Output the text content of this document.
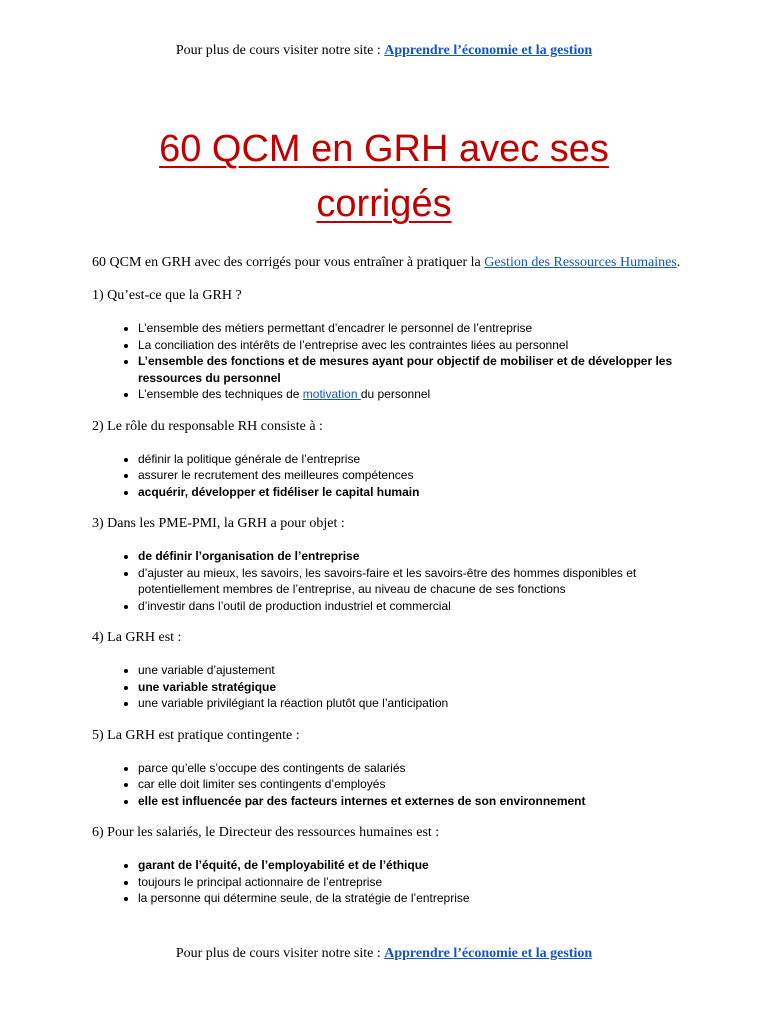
Pour plus de cours visiter notre site : Apprendre l’économie et la gestion
60 QCM en GRH avec ses
corrigés

60 QCM en GRH avec des corrigés pour vous entraîner à pratiquer la Gestion des Ressources Humaines.

1) Qu’est-ce que la GRH ?

• L’ensemble des métiers permettant d’encadrer le personnel de l’entreprise
• La conciliation des intérêts de l’entreprise avec les contraintes liées au personnel
• L’ensemble des fonctions et de mesures ayant pour objectif de mobiliser et de développer les ressources du personnel
• L’ensemble des techniques de motivation du personnel

2) Le rôle du responsable RH consiste à :

• définir la politique générale de l’entreprise
• assurer le recrutement des meilleures compétences
• acquérir, développer et fidéliser le capital humain

3) Dans les PME-PMI, la GRH a pour objet :

• de définir l’organisation de l’entreprise
• d’ajuster au mieux, les savoirs, les savoirs-faire et les savoirs-être des hommes disponibles et potentiellement membres de l’entreprise, au niveau de chacune de ses fonctions
• d’investir dans l’outil de production industriel et commercial

4) La GRH est :

• une variable d’ajustement
• une variable stratégique
• une variable privilégiant la réaction plutôt que l’anticipation

5) La GRH est pratique contingente :

• parce qu’elle s’occupe des contingents de salariés
• car elle doit limiter ses contingents d’employés
• elle est influencée par des facteurs internes et externes de son environnement

6) Pour les salariés, le Directeur des ressources humaines est :

• garant de l’équité, de l’employabilité et de l’éthique
• toujours le principal actionnaire de l’entreprise
• la personne qui détermine seule, de la stratégie de l’entreprise
Pour plus de cours visiter notre site : Apprendre l’économie et la gestion
